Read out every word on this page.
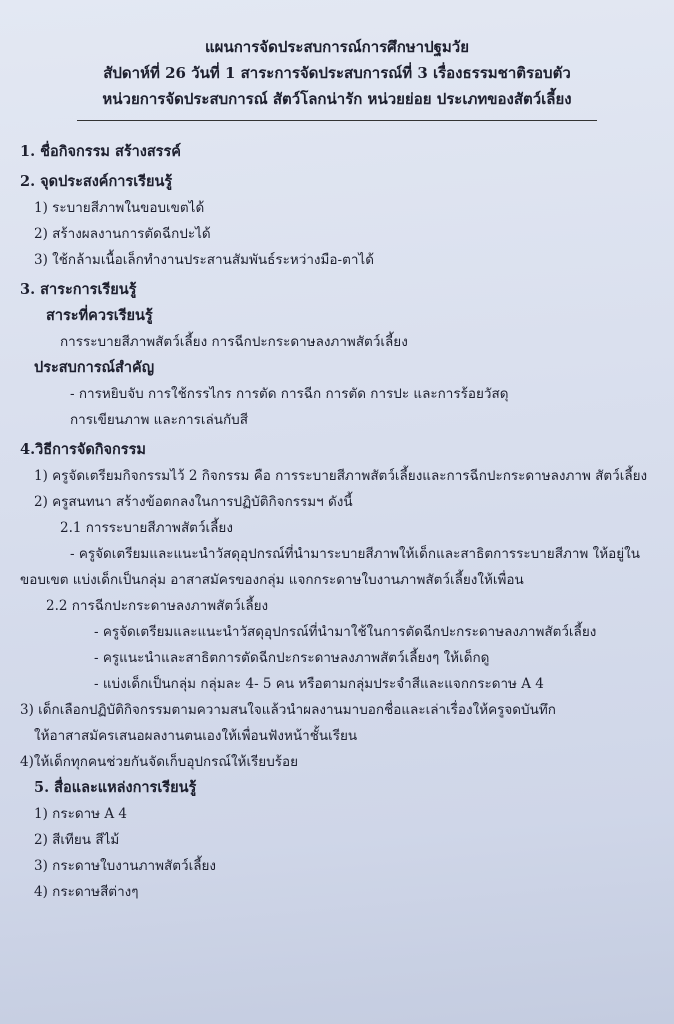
แผนการจัดประสบการณ์การศึกษาปฐมวัย
สัปดาห์ที่ 26 วันที่ 1 สาระการจัดประสบการณ์ที่ 3 เรื่องธรรมชาติรอบตัว
หน่วยการจัดประสบการณ์ สัตว์โลกน่ารัก หน่วยย่อย ประเภทของสัตว์เลี้ยง

1. ชื่อกิจกรรม สร้างสรรค์

2. จุดประสงค์การเรียนรู้

1) ระบายสีภาพในขอบเขตได้

2) สร้างผลงานการตัดฉีกปะได้

3) ใช้กล้ามเนื้อเล็กทำงานประสานสัมพันธ์ระหว่างมือ-ตาได้

3. สาระการเรียนรู้

สาระที่ควรเรียนรู้

การระบายสีภาพสัตว์เลี้ยง การฉีกปะกระดาษลงภาพสัตว์เลี้ยง

ประสบการณ์สำคัญ

- การหยิบจับ การใช้กรรไกร การตัด การฉีก การตัด การปะ และการร้อยวัสดุ

การเขียนภาพ และการเล่นกับสี

4.วิธีการจัดกิจกรรม

1) ครูจัดเตรียมกิจกรรมไว้ 2 กิจกรรม คือ การระบายสีภาพสัตว์เลี้ยงและการฉีกปะกระดาษลงภาพ สัตว์เลี้ยง

2) ครูสนทนา สร้างข้อตกลงในการปฏิบัติกิจกรรมฯ ดังนี้

2.1 การระบายสีภาพสัตว์เลี้ยง

- ครูจัดเตรียมและแนะนำวัสดุอุปกรณ์ที่นำมาระบายสีภาพให้เด็กและสาธิตการระบายสีภาพ ให้อยู่ใน

ขอบเขต แบ่งเด็กเป็นกลุ่ม อาสาสมัครของกลุ่ม แจกกระดาษใบงานภาพสัตว์เลี้ยงให้เพื่อน

2.2 การฉีกปะกระดาษลงภาพสัตว์เลี้ยง

- ครูจัดเตรียมและแนะนำวัสดุอุปกรณ์ที่นำมาใช้ในการตัดฉีกปะกระดาษลงภาพสัตว์เลี้ยง

- ครูแนะนำและสาธิตการตัดฉีกปะกระดาษลงภาพสัตว์เลี้ยงๆ ให้เด็กดู

- แบ่งเด็กเป็นกลุ่ม กลุ่มละ 4- 5 คน หรือตามกลุ่มประจำสีและแจกกระดาษ A 4

3) เด็กเลือกปฏิบัติกิจกรรมตามความสนใจแล้วนำผลงานมาบอกชื่อและเล่าเรื่องให้ครูจดบันทึก

ให้อาสาสมัครเสนอผลงานตนเองให้เพื่อนฟังหน้าชั้นเรียน

4)ให้เด็กทุกคนช่วยกันจัดเก็บอุปกรณ์ให้เรียบร้อย

5. สื่อและแหล่งการเรียนรู้

1) กระดาษ A 4

2) สีเทียน สีไม้

3) กระดาษใบงานภาพสัตว์เลี้ยง

4) กระดาษสีต่างๆ
